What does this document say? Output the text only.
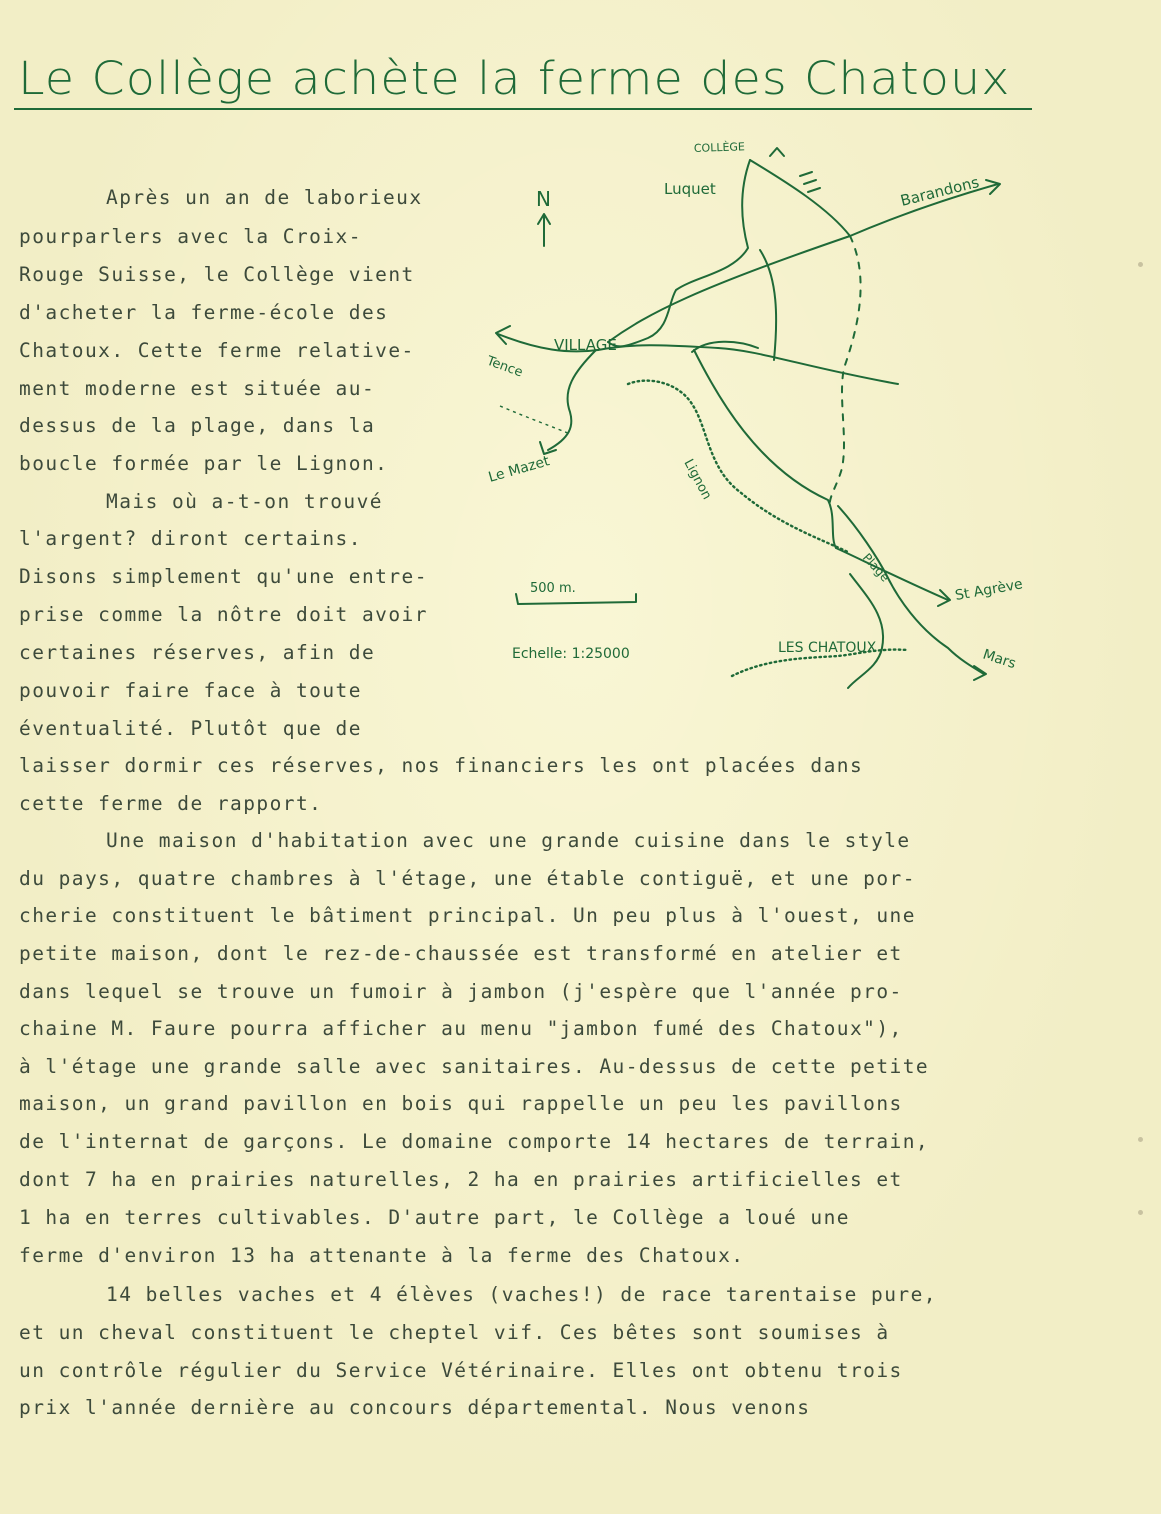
Le Collège achète la ferme des Chatoux
Après un an de laborieux
pourparlers avec la Croix-
Rouge Suisse, le Collège vient
d'acheter la ferme-école des
Chatoux. Cette ferme relative-
ment moderne est située au-
dessus de la plage, dans la
boucle formée par le Lignon.
Mais où a-t-on trouvé
l'argent? diront certains.
Disons simplement qu'une entre-
prise comme la nôtre doit avoir
certaines réserves, afin de
pouvoir faire face à toute
éventualité. Plutôt que de
laisser dormir ces réserves, nos financiers les ont placées dans
cette ferme de rapport.
Une maison d'habitation avec une grande cuisine dans le style
du pays, quatre chambres à l'étage, une étable contiguë, et une por-
cherie constituent le bâtiment principal. Un peu plus à l'ouest, une
petite maison, dont le rez-de-chaussée est transformé en atelier et
dans lequel se trouve un fumoir à jambon (j'espère que l'année pro-
chaine M. Faure pourra afficher au menu "jambon fumé des Chatoux"),
à l'étage une grande salle avec sanitaires. Au-dessus de cette petite
maison, un grand pavillon en bois qui rappelle un peu les pavillons
de l'internat de garçons. Le domaine comporte 14 hectares de terrain,
dont 7 ha en prairies naturelles, 2 ha en prairies artificielles et
1 ha en terres cultivables. D'autre part, le Collège a loué une
ferme d'environ 13 ha attenante à la ferme des Chatoux.
14 belles vaches et 4 élèves (vaches!) de race tarentaise pure,
et un cheval constituent le cheptel vif. Ces bêtes sont soumises à
un contrôle régulier du Service Vétérinaire. Elles ont obtenu trois
prix l'année dernière au concours départemental. Nous venons
COLLÈGE
Luquet	Barandons
N
VILLAGE
Tence
Le Mazet	Lignon
Plage
St Agrève
Mars
LES CHATOUX
500 m.
Echelle: 1:25000
